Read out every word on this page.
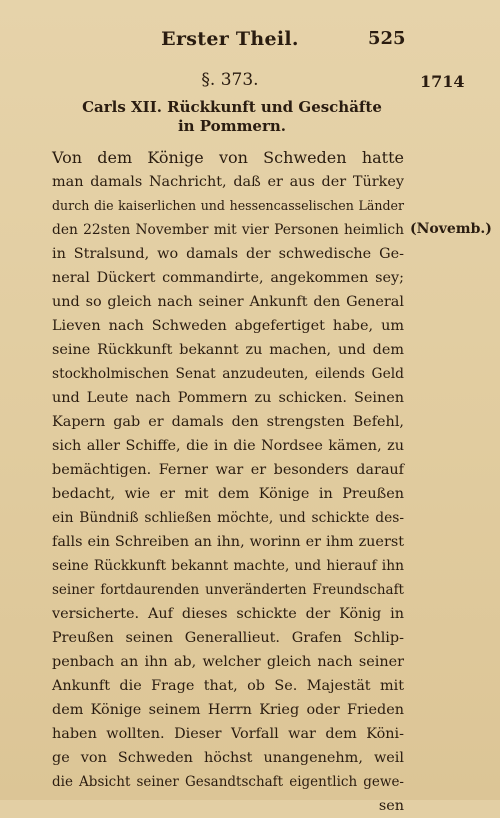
Erster Theil.	525
§. 373.	1714
Carls XII. Rückkunft und Geschäfte
in Pommern.
(Novemb.)
Von dem Könige von Schweden hatte
man damals Nachricht, daß er aus der Türkey
durch die kaiserlichen und hessencasselischen Länder
den 22sten November mit vier Personen heimlich
in Stralsund, wo damals der schwedische Ge-
neral Dückert commandirte, angekommen sey;
und so gleich nach seiner Ankunft den General
Lieven nach Schweden abgefertiget habe, um
seine Rückkunft bekannt zu machen, und dem
stockholmischen Senat anzudeuten, eilends Geld
und Leute nach Pommern zu schicken. Seinen
Kapern gab er damals den strengsten Befehl,
sich aller Schiffe, die in die Nordsee kämen, zu
bemächtigen. Ferner war er besonders darauf
bedacht, wie er mit dem Könige in Preußen
ein Bündniß schließen möchte, und schickte des-
falls ein Schreiben an ihn, worinn er ihm zuerst
seine Rückkunft bekannt machte, und hierauf ihn
seiner fortdaurenden unveränderten Freundschaft
versicherte. Auf dieses schickte der König in
Preußen seinen Generallieut. Grafen Schlip-
penbach an ihn ab, welcher gleich nach seiner
Ankunft die Frage that, ob Se. Majestät mit
dem Könige seinem Herrn Krieg oder Frieden
haben wollten. Dieser Vorfall war dem Köni-
ge von Schweden höchst unangenehm, weil
die Absicht seiner Gesandtschaft eigentlich gewe-
sen
